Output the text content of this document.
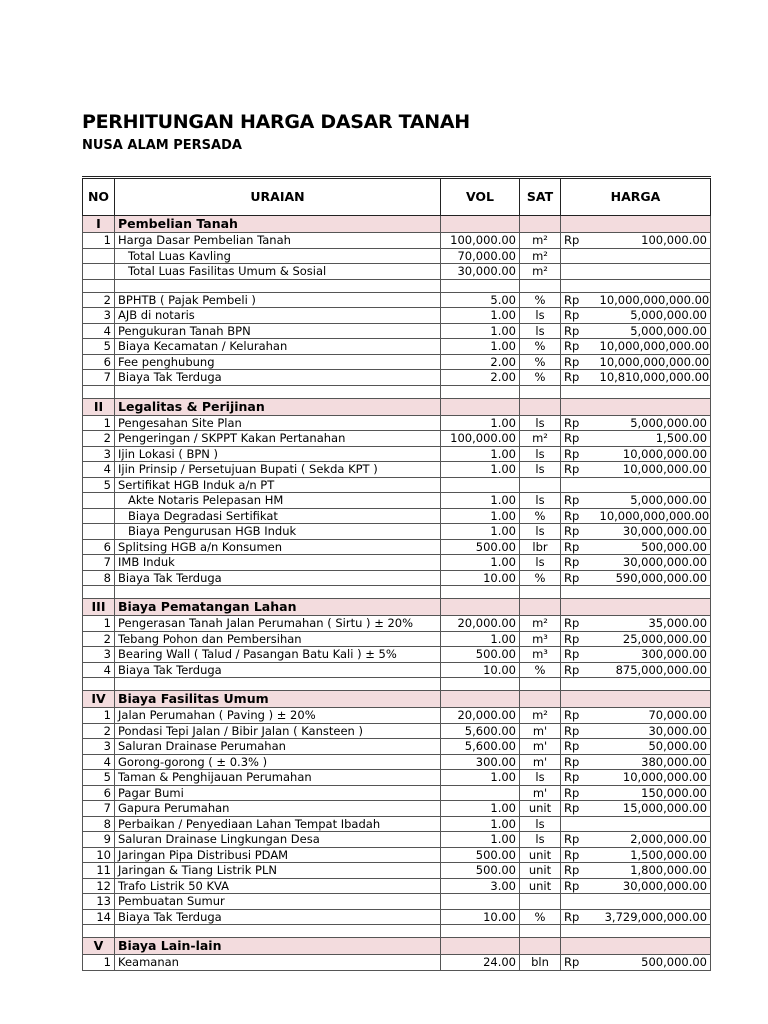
PERHITUNGAN HARGA DASAR TANAH
NUSA ALAM PERSADA
NO	URAIAN	VOL	SAT	HARGA	
I	Pembelian Tanah				
1	Harga Dasar Pembelian Tanah	100,000.00	m²	Rp	100,000.00
	Total Luas Kavling	70,000.00	m²		
	Total Luas Fasilitas Umum & Sosial	30,000.00	m²		

2	BPHTB ( Pajak Pembeli )	5.00	%	Rp	10,000,000,000.00
3	AJB di notaris	1.00	ls	Rp	5,000,000.00
4	Pengukuran Tanah BPN	1.00	ls	Rp	5,000,000.00
5	Biaya Kecamatan / Kelurahan	1.00	%	Rp	10,000,000,000.00
6	Fee penghubung	2.00	%	Rp	10,000,000,000.00
7	Biaya Tak Terduga	2.00	%	Rp	10,810,000,000.00

II	Legalitas & Perijinan				
1	Pengesahan Site Plan	1.00	ls	Rp	5,000,000.00
2	Pengeringan / SKPPT Kakan Pertanahan	100,000.00	m²	Rp	1,500.00
3	Ijin Lokasi ( BPN )	1.00	ls	Rp	10,000,000.00
4	Ijin Prinsip / Persetujuan Bupati ( Sekda KPT )	1.00	ls	Rp	10,000,000.00
5	Sertifikat HGB Induk a/n PT				
	Akte Notaris Pelepasan HM	1.00	ls	Rp	5,000,000.00
	Biaya Degradasi Sertifikat	1.00	%	Rp	10,000,000,000.00
	Biaya Pengurusan HGB Induk	1.00	ls	Rp	30,000,000.00
6	Splitsing HGB a/n Konsumen	500.00	lbr	Rp	500,000.00
7	IMB Induk	1.00	ls	Rp	30,000,000.00
8	Biaya Tak Terduga	10.00	%	Rp	590,000,000.00

III	Biaya Pematangan Lahan				
1	Pengerasan Tanah Jalan Perumahan ( Sirtu ) ± 20%	20,000.00	m²	Rp	35,000.00
2	Tebang Pohon dan Pembersihan	1.00	m³	Rp	25,000,000.00
3	Bearing Wall ( Talud / Pasangan Batu Kali ) ± 5%	500.00	m³	Rp	300,000.00
4	Biaya Tak Terduga	10.00	%	Rp	875,000,000.00

IV	Biaya Fasilitas Umum				
1	Jalan Perumahan ( Paving ) ± 20%	20,000.00	m²	Rp	70,000.00
2	Pondasi Tepi Jalan / Bibir Jalan ( Kansteen )	5,600.00	m'	Rp	30,000.00
3	Saluran Drainase Perumahan	5,600.00	m'	Rp	50,000.00
4	Gorong-gorong ( ± 0.3% )	300.00	m'	Rp	380,000.00
5	Taman & Penghijauan Perumahan	1.00	ls	Rp	10,000,000.00
6	Pagar Bumi		m'	Rp	150,000.00
7	Gapura Perumahan	1.00	unit	Rp	15,000,000.00
8	Perbaikan / Penyediaan Lahan Tempat Ibadah	1.00	ls		
9	Saluran Drainase Lingkungan Desa	1.00	ls	Rp	2,000,000.00
10	Jaringan Pipa Distribusi PDAM	500.00	unit	Rp	1,500,000.00
11	Jaringan & Tiang Listrik PLN	500.00	unit	Rp	1,800,000.00
12	Trafo Listrik 50 KVA	3.00	unit	Rp	30,000,000.00
13	Pembuatan Sumur				
14	Biaya Tak Terduga	10.00	%	Rp	3,729,000,000.00

V	Biaya Lain-lain				
1	Keamanan	24.00	bln	Rp	500,000.00
